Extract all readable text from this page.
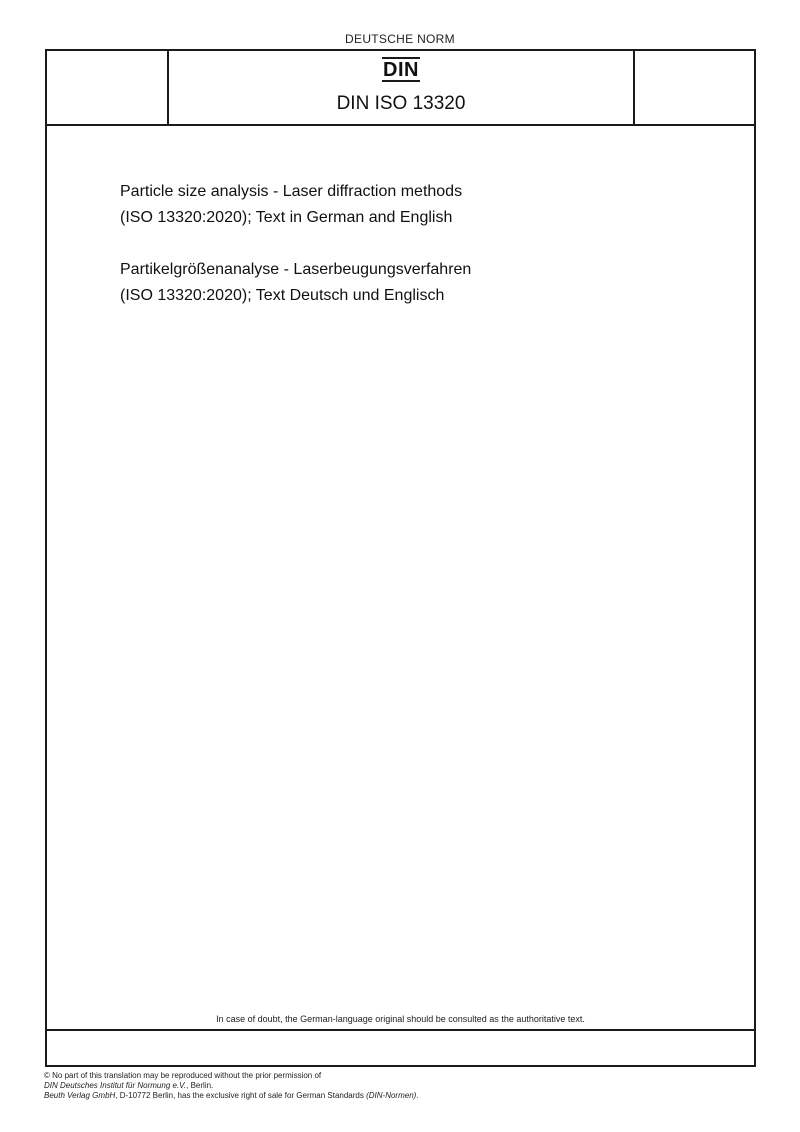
DEUTSCHE NORM
DIN
DIN ISO 13320
Particle size analysis - Laser diffraction methods
(ISO 13320:2020); Text in German and English
Partikelgrößenanalyse - Laserbeugungsverfahren
(ISO 13320:2020); Text Deutsch und Englisch
In case of doubt, the German-language original should be consulted as the authoritative text.
© No part of this translation may be reproduced without the prior permission of
DIN Deutsches Institut für Normung e.V., Berlin.
Beuth Verlag GmbH, D-10772 Berlin, has the exclusive right of sale for German Standards (DIN-Normen).
